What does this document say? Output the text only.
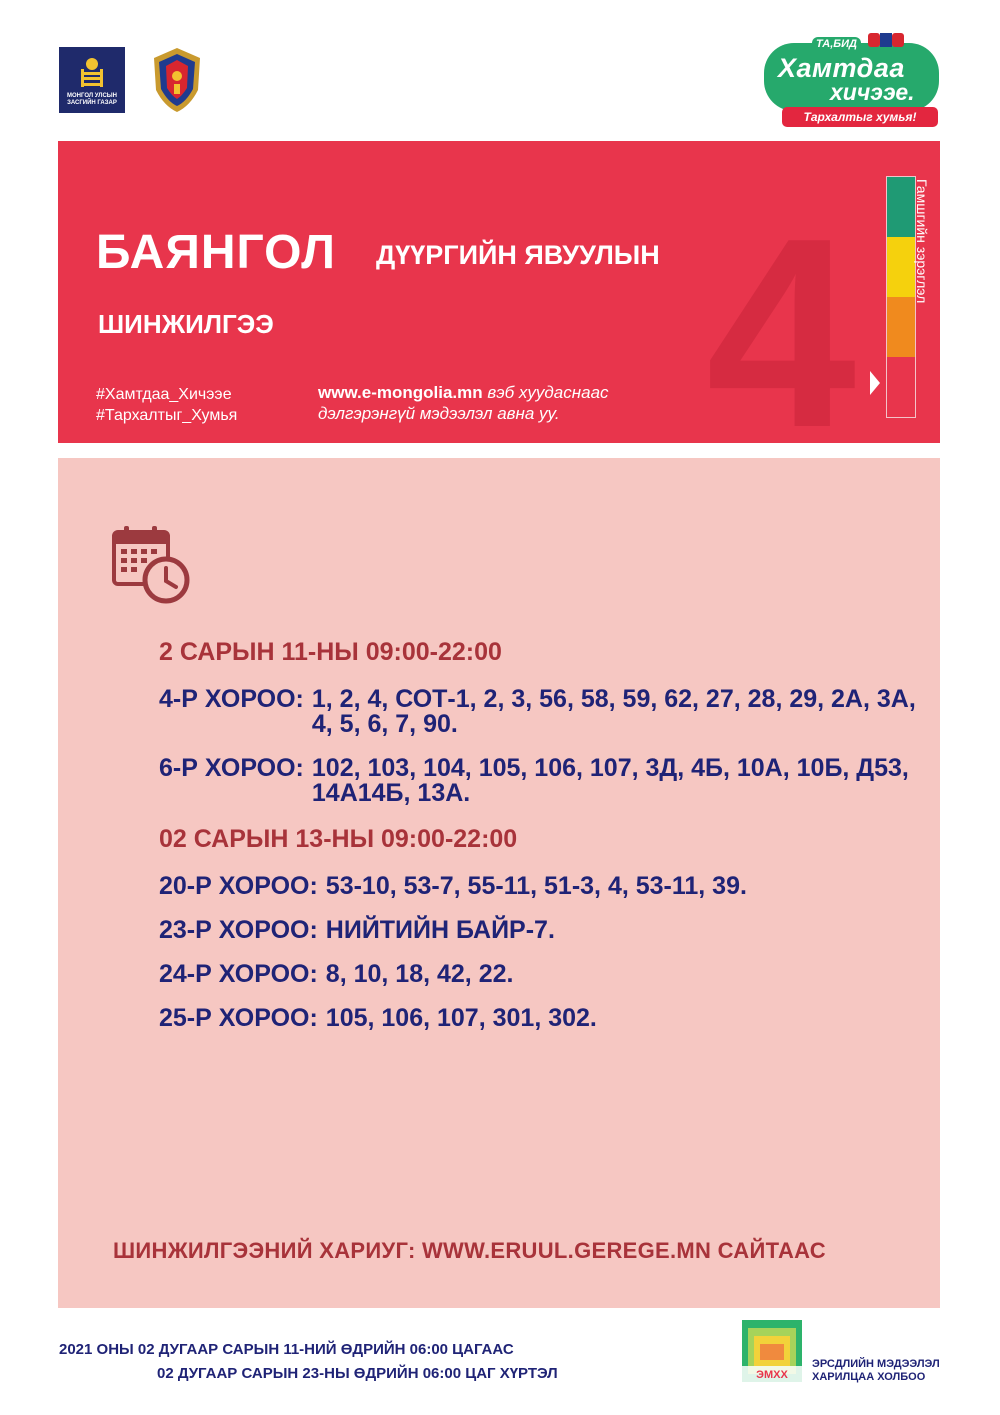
МОНГОЛ УЛСЫН ЗАСГИЙН ГАЗАР
ТА,БИД
Хамтдаа
хичээе.
Тархалтыг хумья!
4
БАЯНГОЛ ДҮҮРГИЙН ЯВУУЛЫН
ШИНЖИЛГЭЭ
#Хамтдаа_Хичээе
#Тархалтыг_Хумья
www.e-mongolia.mn вэб хуудаснаас
дэлгэрэнгүй мэдээлэл авна уу.
Гамшгийн зэрэглэл
2 САРЫН 11-НЫ 09:00-22:00
4-Р ХОРОО: 1, 2, 4, СОТ-1, 2, 3, 56, 58, 59, 62, 27, 28, 29, 2А, 3А, 4, 5, 6, 7, 90.
6-Р ХОРОО: 102, 103, 104, 105, 106, 107, 3Д, 4Б, 10А, 10Б, Д53, 14А14Б, 13А.
02 САРЫН 13-НЫ 09:00-22:00
20-Р ХОРОО: 53-10, 53-7, 55-11, 51-3, 4, 53-11, 39.
23-Р ХОРОО: НИЙТИЙН БАЙР-7.
24-Р ХОРОО: 8, 10, 18, 42, 22.
25-Р ХОРОО: 105, 106, 107, 301, 302.
ШИНЖИЛГЭЭНИЙ ХАРИУГ: WWW.ERUUL.GEREGE.MN САЙТААС
2021 ОНЫ 02 ДУГААР САРЫН 11-НИЙ ӨДРИЙН 06:00 ЦАГААС
02 ДУГААР САРЫН 23-НЫ ӨДРИЙН 06:00 ЦАГ ХҮРТЭЛ	ЭМХХ
ЭРСДЛИЙН МЭДЭЭЛЭЛ
ХАРИЛЦАА ХОЛБОО
